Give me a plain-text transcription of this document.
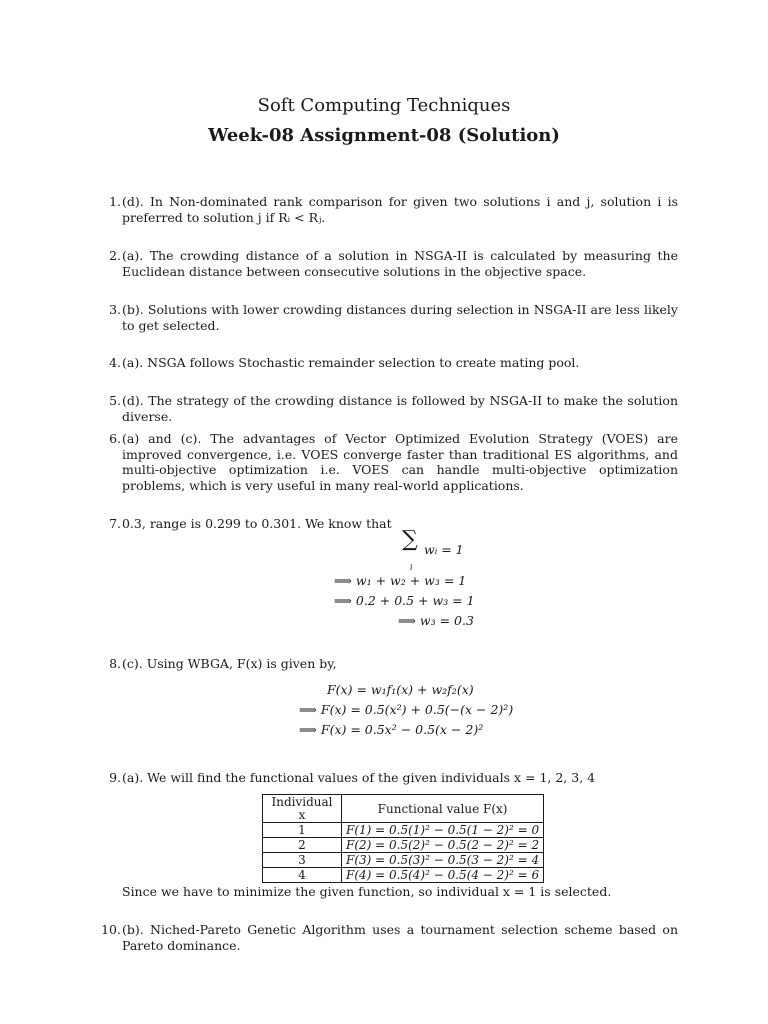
Soft Computing Techniques
Week-08 Assignment-08 (Solution)
1. (d). In Non-dominated rank comparison for given two solutions i and j, solution i is preferred to solution j if Rᵢ < Rⱼ.
2. (a). The crowding distance of a solution in NSGA-II is calculated by measuring the Euclidean distance between consecutive solutions in the objective space.
3. (b). Solutions with lower crowding distances during selection in NSGA-II are less likely to get selected.
4. (a). NSGA follows Stochastic remainder selection to create mating pool.
5. (d). The strategy of the crowding distance is followed by NSGA-II to make the solution diverse.
6. (a) and (c). The advantages of Vector Optimized Evolution Strategy (VOES) are improved convergence, i.e. VOES converge faster than traditional ES algorithms, and multi-objective optimization i.e. VOES can handle multi-objective optimization problems, which is very useful in many real-world applications.
7. 0.3, range is 0.299 to 0.301. We know that
∑
i
wᵢ = 1
⟹ w₁ + w₂ + w₃ = 1
⟹ 0.2 + 0.5 + w₃ = 1
⟹ w₃ = 0.3
8. (c). Using WBGA, F(x) is given by,
F(x) = w₁f₁(x) + w₂f₂(x)
⟹ F(x) = 0.5(x²) + 0.5(−(x − 2)²)
⟹ F(x) = 0.5x² − 0.5(x − 2)²
9. (a). We will find the functional values of the given individuals x = 1, 2, 3, 4
Individual x	Functional value F(x)
1	F(1) = 0.5(1)² − 0.5(1 − 2)² = 0
2	F(2) = 0.5(2)² − 0.5(2 − 2)² = 2
3	F(3) = 0.5(3)² − 0.5(3 − 2)² = 4
4	F(4) = 0.5(4)² − 0.5(4 − 2)² = 6
Since we have to minimize the given function, so individual x = 1 is selected.
10. (b). Niched-Pareto Genetic Algorithm uses a tournament selection scheme based on Pareto dominance.
